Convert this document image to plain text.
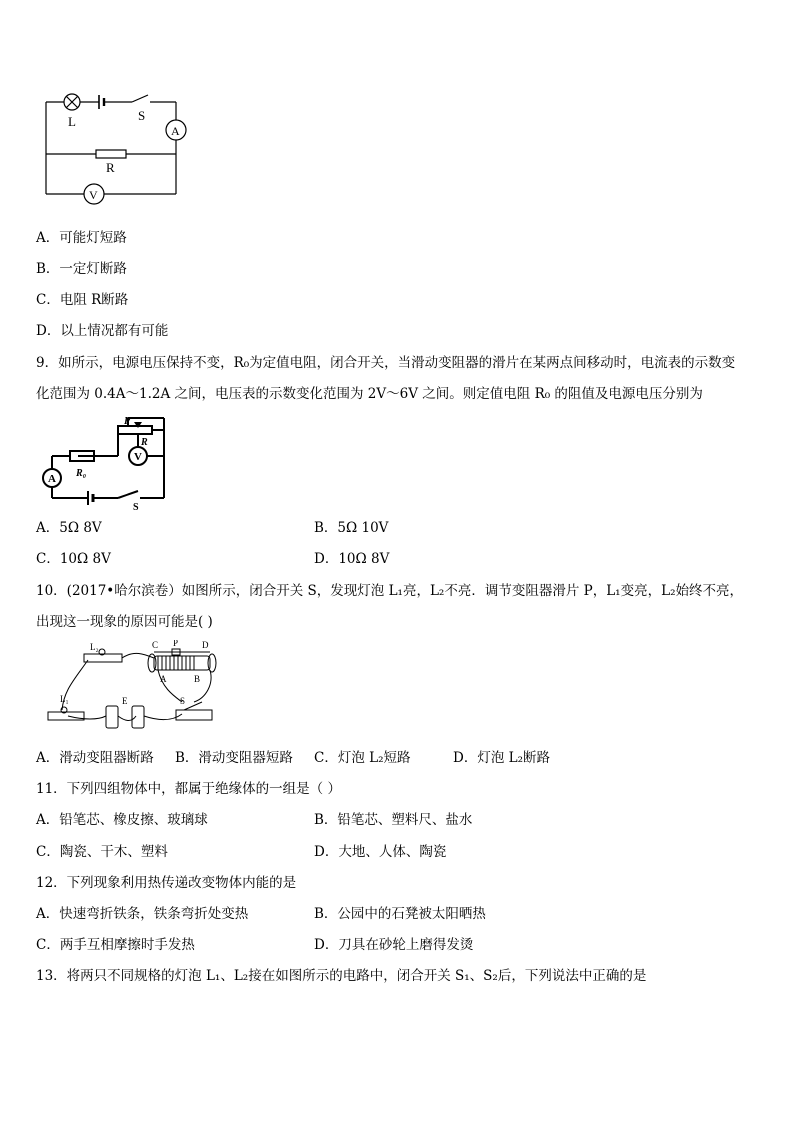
L	S
A
R
V
A．可能灯短路
B．一定灯断路
C．电阻 R断路
D．以上情况都有可能
9．如所示，电源电压保持不变，R₀为定值电阻，闭合开关，当滑动变阻器的滑片在某两点间移动时，电流表的示数变
化范围为 0.4A～1.2A 之间，电压表的示数变化范围为 2V～6V 之间。则定值电阻 R₀ 的阻值及电源电压分别为
P
R
V
A R₀
S
A．5Ω 8V	B．5Ω 10V
C．10Ω 8V	D．10Ω 8V
10．(2017•哈尔滨卷）如图所示，闭合开关 S，发现灯泡 L₁亮，L₂不亮．调节变阻器滑片 P，L₁变亮，L₂始终不亮，
出现这一现象的原因可能是( )
L₂	C P	D
A	B
L₁	E	S
A．滑动变阻器断路 B．滑动变阻器短路 C．灯泡 L₂短路	D．灯泡 L₂断路
11．下列四组物体中，都属于绝缘体的一组是（ ）
A．铅笔芯、橡皮擦、玻璃球	B．铅笔芯、塑料尺、盐水
C．陶瓷、干木、塑料	D．大地、人体、陶瓷
12．下列现象利用热传递改变物体内能的是
A．快速弯折铁条，铁条弯折处变热	B．公园中的石凳被太阳晒热
C．两手互相摩擦时手发热	D．刀具在砂轮上磨得发烫
13．将两只不同规格的灯泡 L₁、L₂接在如图所示的电路中，闭合开关 S₁、S₂后，下列说法中正确的是
